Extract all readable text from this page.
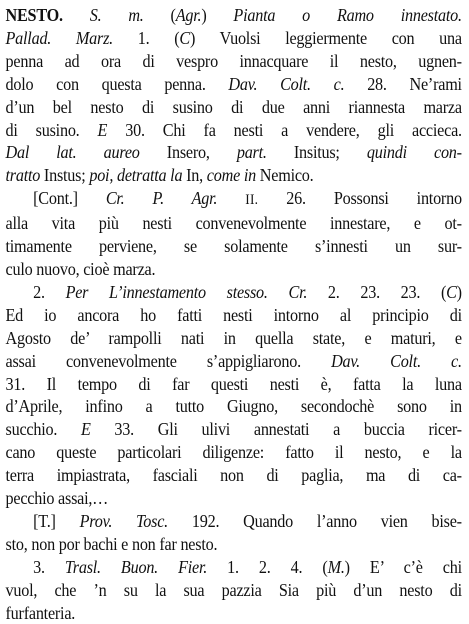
NESTO. S. m. (Agr.) Pianta o Ramo innestato.
Pallad. Marz. 1. (C) Vuolsi leggiermente con una
penna ad ora di vespro innacquare il nesto, ugnen-
dolo con questa penna. Dav. Colt. c. 28. Ne’rami
d’un bel nesto di susino di due anni riannesta marza
di susino. E 30. Chi fa nesti a vendere, gli accieca.
Dal lat. aureo Insero, part. Insitus; quindi con-
tratto Instus; poi, detratta la In, come in Nemico.
[Cont.] Cr. P. Agr. II. 26. Possonsi intorno
alla vita più nesti convenevolmente innestare, e ot-
timamente perviene, se solamente s’innesti un sur-
culo nuovo, cioè marza.
2. Per L’innestamento stesso. Cr. 2. 23. 23. (C)
Ed io ancora ho fatti nesti intorno al principio di
Agosto de’ rampolli nati in quella state, e maturi, e
assai convenevolmente s’appigliarono. Dav. Colt. c.
31. Il tempo di far questi nesti è, fatta la luna
d’Aprile, infino a tutto Giugno, secondochè sono in
succhio. E 33. Gli ulivi annestati a buccia ricer-
cano queste particolari diligenze: fatto il nesto, e la
terra impiastrata, fasciali non di paglia, ma di ca-
pecchio assai,…
[T.] Prov. Tosc. 192. Quando l’anno vien bise-
sto, non por bachi e non far nesto.
3. Trasl. Buon. Fier. 1. 2. 4. (M.) E’ c’è chi
vuol, che ’n su la sua pazzia Sia più d’un nesto di
furfanteria.
